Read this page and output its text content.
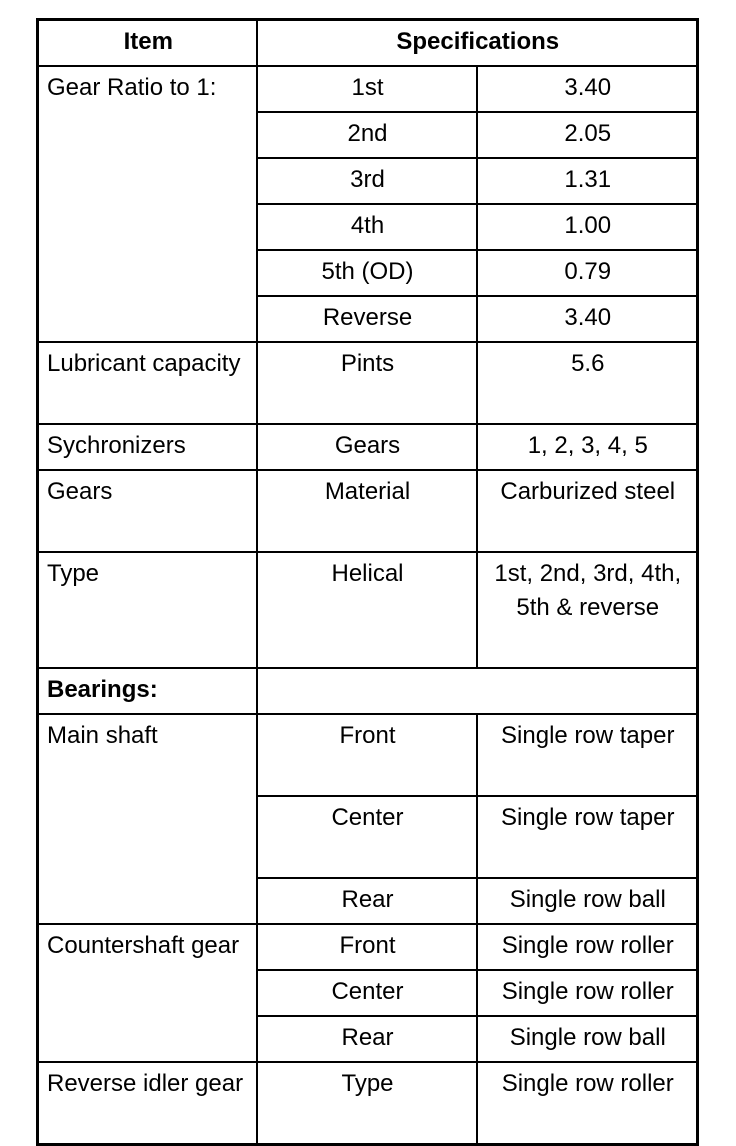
Item	Specifications	
Gear Ratio to 1:	1st	3.40
	2nd	2.05
	3rd	1.31
	4th	1.00
	5th (OD)	0.79
	Reverse	3.40
Lubricant capacity	Pints	5.6
Sychronizers	Gears	1, 2, 3, 4, 5
Gears	Material	Carburized steel
Type	Helical	1st, 2nd, 3rd, 4th, 5th & reverse
Bearings:		
Main shaft	Front	Single row taper
	Center	Single row taper
	Rear	Single row ball
Countershaft gear	Front	Single row roller
	Center	Single row roller
	Rear	Single row ball
Reverse idler gear	Type	Single row roller
